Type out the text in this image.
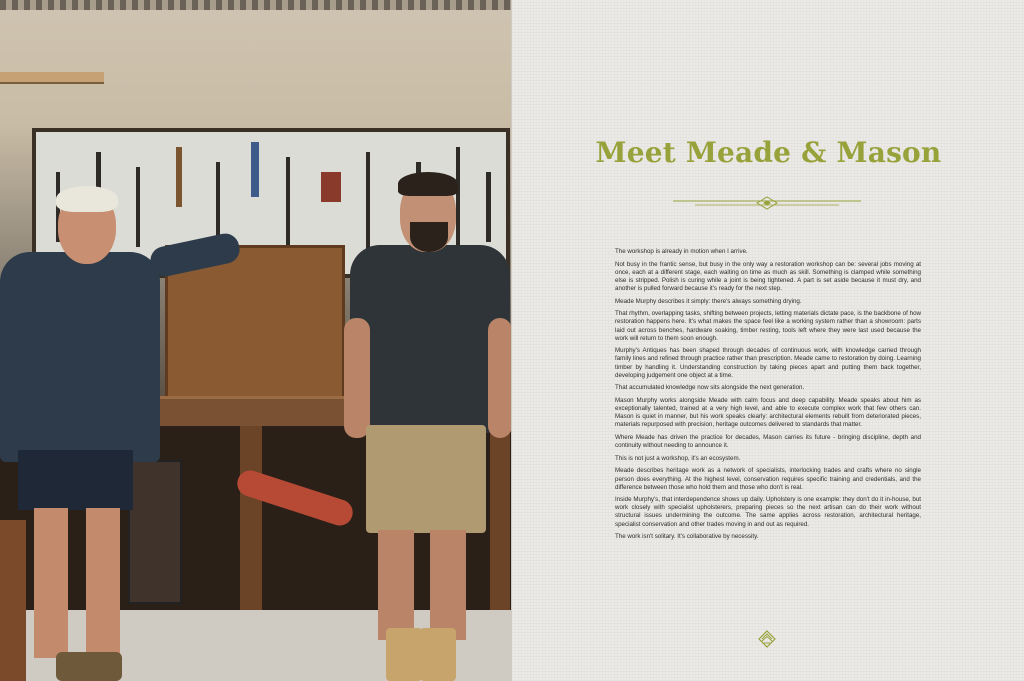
Meet Meade & Mason

The workshop is already in motion when I arrive.

Not busy in the frantic sense, but busy in the only way a restoration workshop can be: several jobs moving at once, each at a different stage, each waiting on time as much as skill. Something is clamped while something else is stripped. Polish is curing while a joint is being tightened. A part is set aside because it must dry, and another is pulled forward because it's ready for the next step.

Meade Murphy describes it simply: there's always something drying.

That rhythm, overlapping tasks, shifting between projects, letting materials dictate pace, is the backbone of how restoration happens here. It's what makes the space feel like a working system rather than a showroom: parts laid out across benches, hardware soaking, timber resting, tools left where they were last used because the work will return to them soon enough.

Murphy's Antiques has been shaped through decades of continuous work, with knowledge carried through family lines and refined through practice rather than prescription. Meade came to restoration by doing. Learning timber by handling it. Understanding construction by taking pieces apart and putting them back together, developing judgement one object at a time.

That accumulated knowledge now sits alongside the next generation.

Mason Murphy works alongside Meade with calm focus and deep capability. Meade speaks about him as exceptionally talented, trained at a very high level, and able to execute complex work that few others can. Mason is quiet in manner, but his work speaks clearly: architectural elements rebuilt from deteriorated pieces, materials repurposed with precision, heritage outcomes delivered to standards that matter.

Where Meade has driven the practice for decades, Mason carries its future - bringing discipline, depth and continuity without needing to announce it.

This is not just a workshop, it's an ecosystem.

Meade describes heritage work as a network of specialists, interlocking trades and crafts where no single person does everything. At the highest level, conservation requires specific training and credentials, and the difference between those who hold them and those who don't is real.

Inside Murphy's, that interdependence shows up daily. Upholstery is one example: they don't do it in-house, but work closely with specialist upholsterers, preparing pieces so the next artisan can do their work without structural issues undermining the outcome. The same applies across restoration, architectural heritage, specialist conservation and other trades moving in and out as required.

The work isn't solitary. It's collaborative by necessity.
